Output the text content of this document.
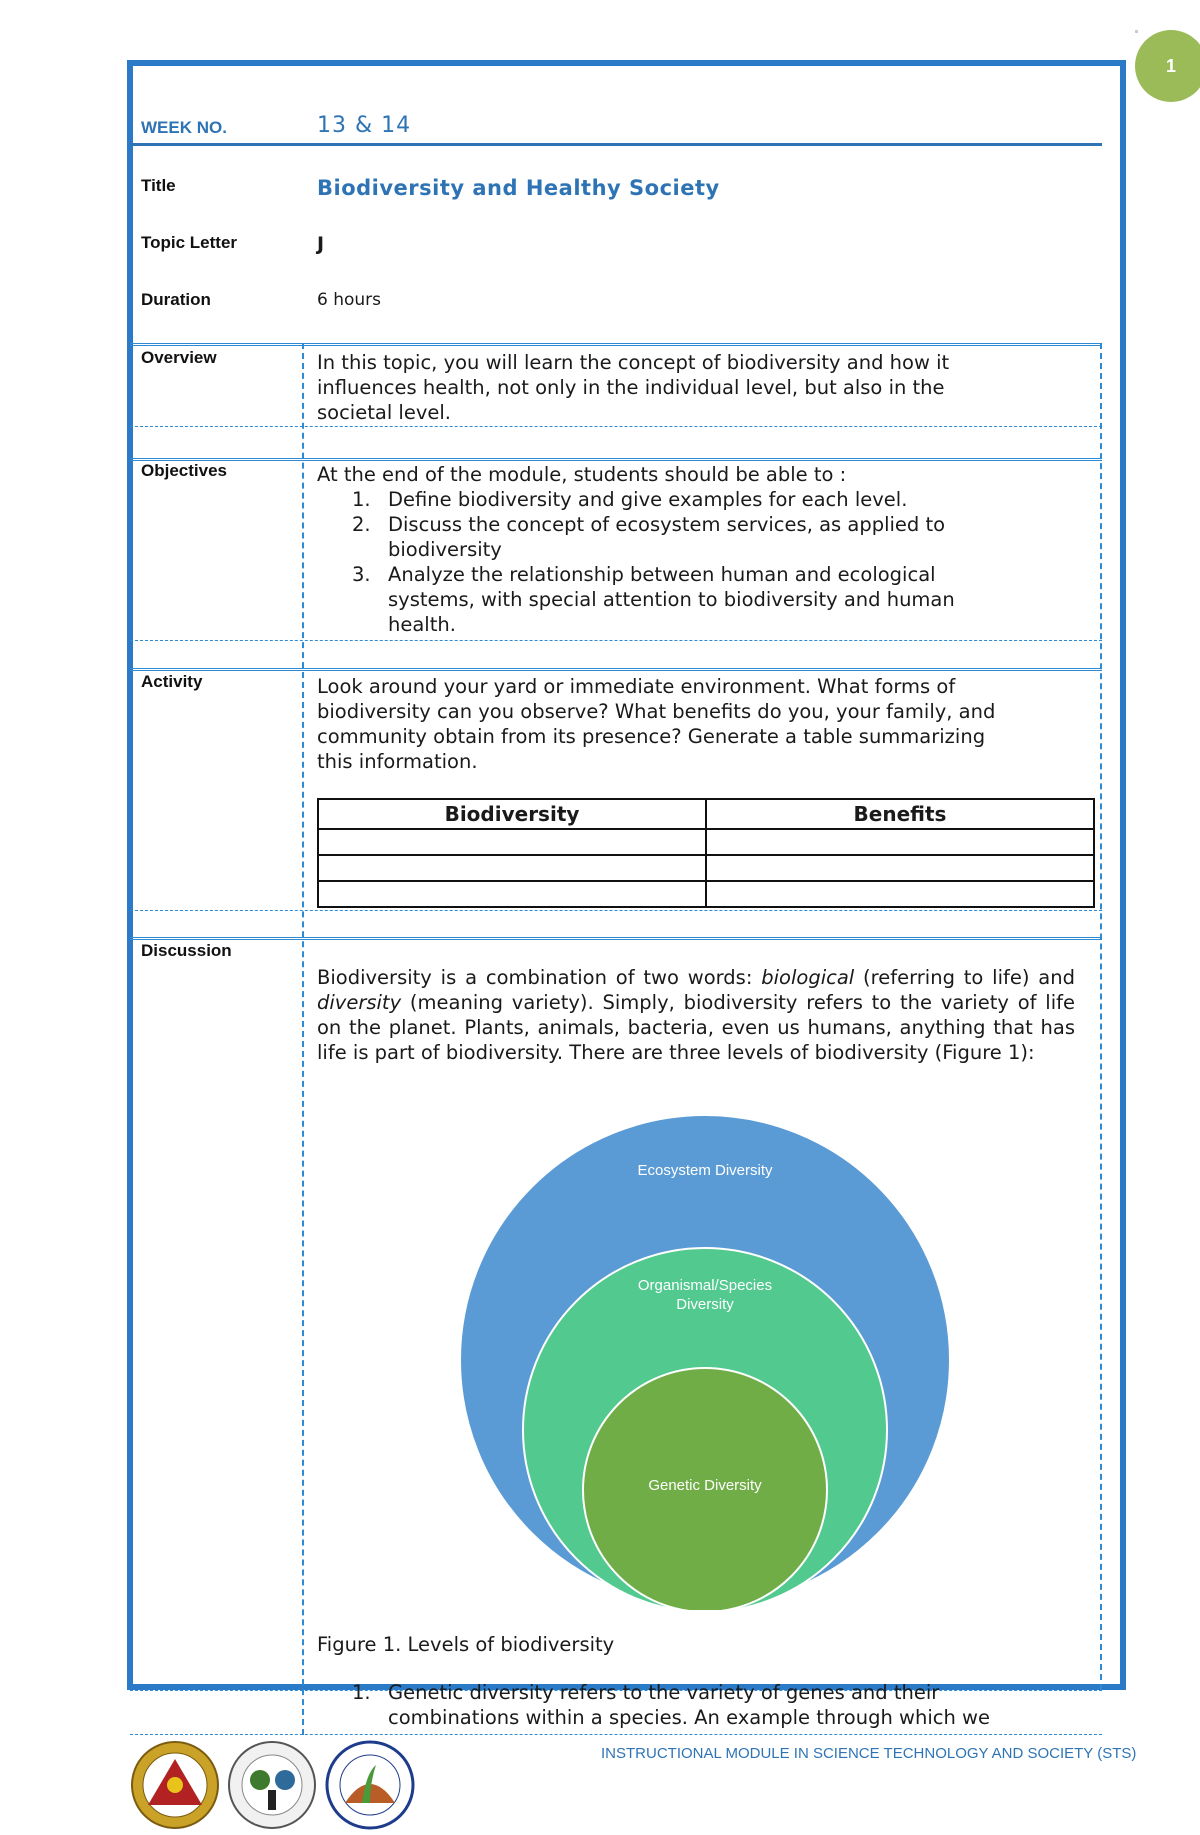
1
WEEK NO.	13 & 14
Title	Biodiversity and Healthy Society
Topic Letter	J
Duration	6 hours
Overview	In this topic, you will learn the concept of biodiversity and how it
influences health, not only in the individual level, but also in the
societal level.
Objectives	At the end of the module, students should be able to :
1. Define biodiversity and give examples for each level.
2. Discuss the concept of ecosystem services, as applied to
biodiversity
3. Analyze the relationship between human and ecological
systems, with special attention to biodiversity and human
health.
Activity	Look around your yard or immediate environment. What forms of
biodiversity can you observe? What benefits do you, your family, and
community obtain from its presence? Generate a table summarizing
this information.
Biodiversity	Benefits

Discussion
Biodiversity is a combination of two words: biological (referring to life) and diversity (meaning variety). Simply, biodiversity refers to the variety of life on the planet. Plants, animals, bacteria, even us humans, anything that has life is part of biodiversity. There are three levels of biodiversity (Figure 1):
Ecosystem Diversity
Organismal/Species
Diversity
Genetic Diversity
Figure 1. Levels of biodiversity
1. Genetic diversity refers to the variety of genes and their
combinations within a species. An example through which we
INSTRUCTIONAL MODULE IN SCIENCE TECHNOLOGY AND SOCIETY (STS)
